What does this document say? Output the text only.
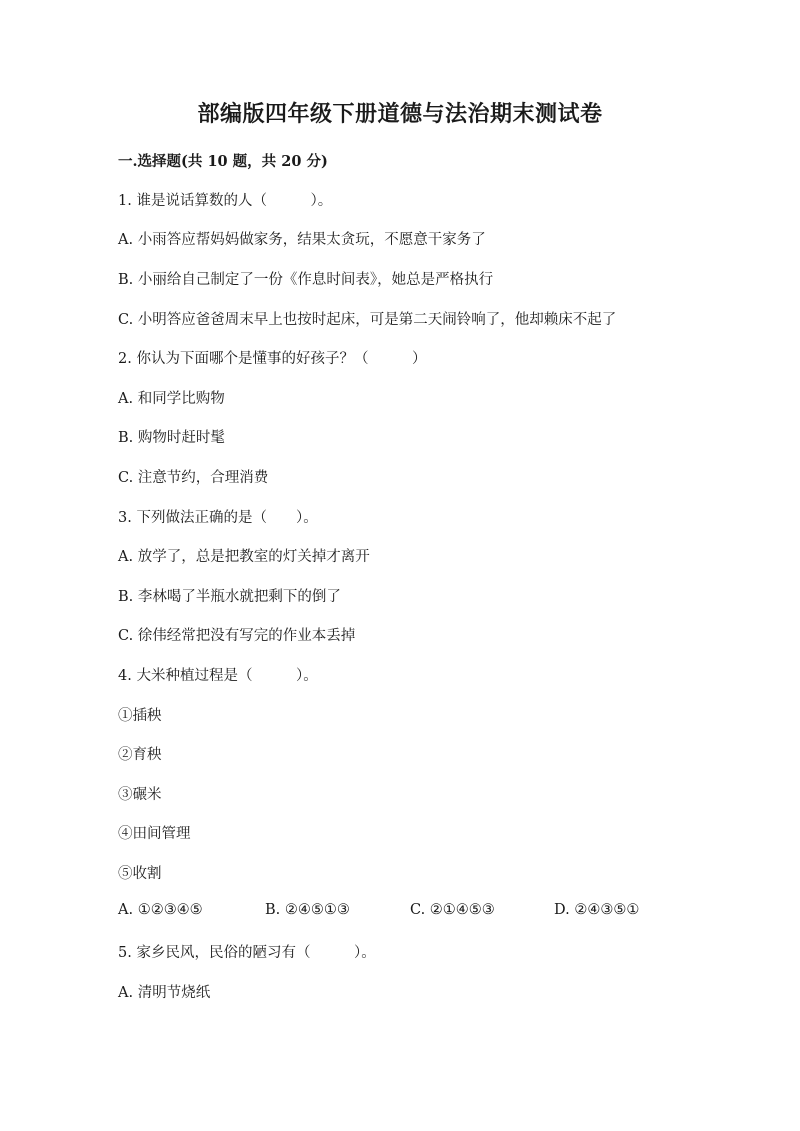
部编版四年级下册道德与法治期末测试卷

一.选择题(共 10 题，共 20 分)

1. 谁是说话算数的人（　　　）。

A. 小雨答应帮妈妈做家务，结果太贪玩，不愿意干家务了

B. 小丽给自己制定了一份《作息时间表》，她总是严格执行

C. 小明答应爸爸周末早上也按时起床，可是第二天闹铃响了，他却赖床不起了

2. 你认为下面哪个是懂事的好孩子？（　　　）

A. 和同学比购物

B. 购物时赶时髦

C. 注意节约，合理消费

3. 下列做法正确的是（　　）。

A. 放学了，总是把教室的灯关掉才离开

B. 李林喝了半瓶水就把剩下的倒了

C. 徐伟经常把没有写完的作业本丢掉

4. 大米种植过程是（　　　）。

①插秧

②育秧

③碾米

④田间管理

⑤收割

A. ①②③④⑤	B. ②④⑤①③	C. ②①④⑤③	D. ②④③⑤①

5. 家乡民风，民俗的陋习有（　　　）。

A. 清明节烧纸
